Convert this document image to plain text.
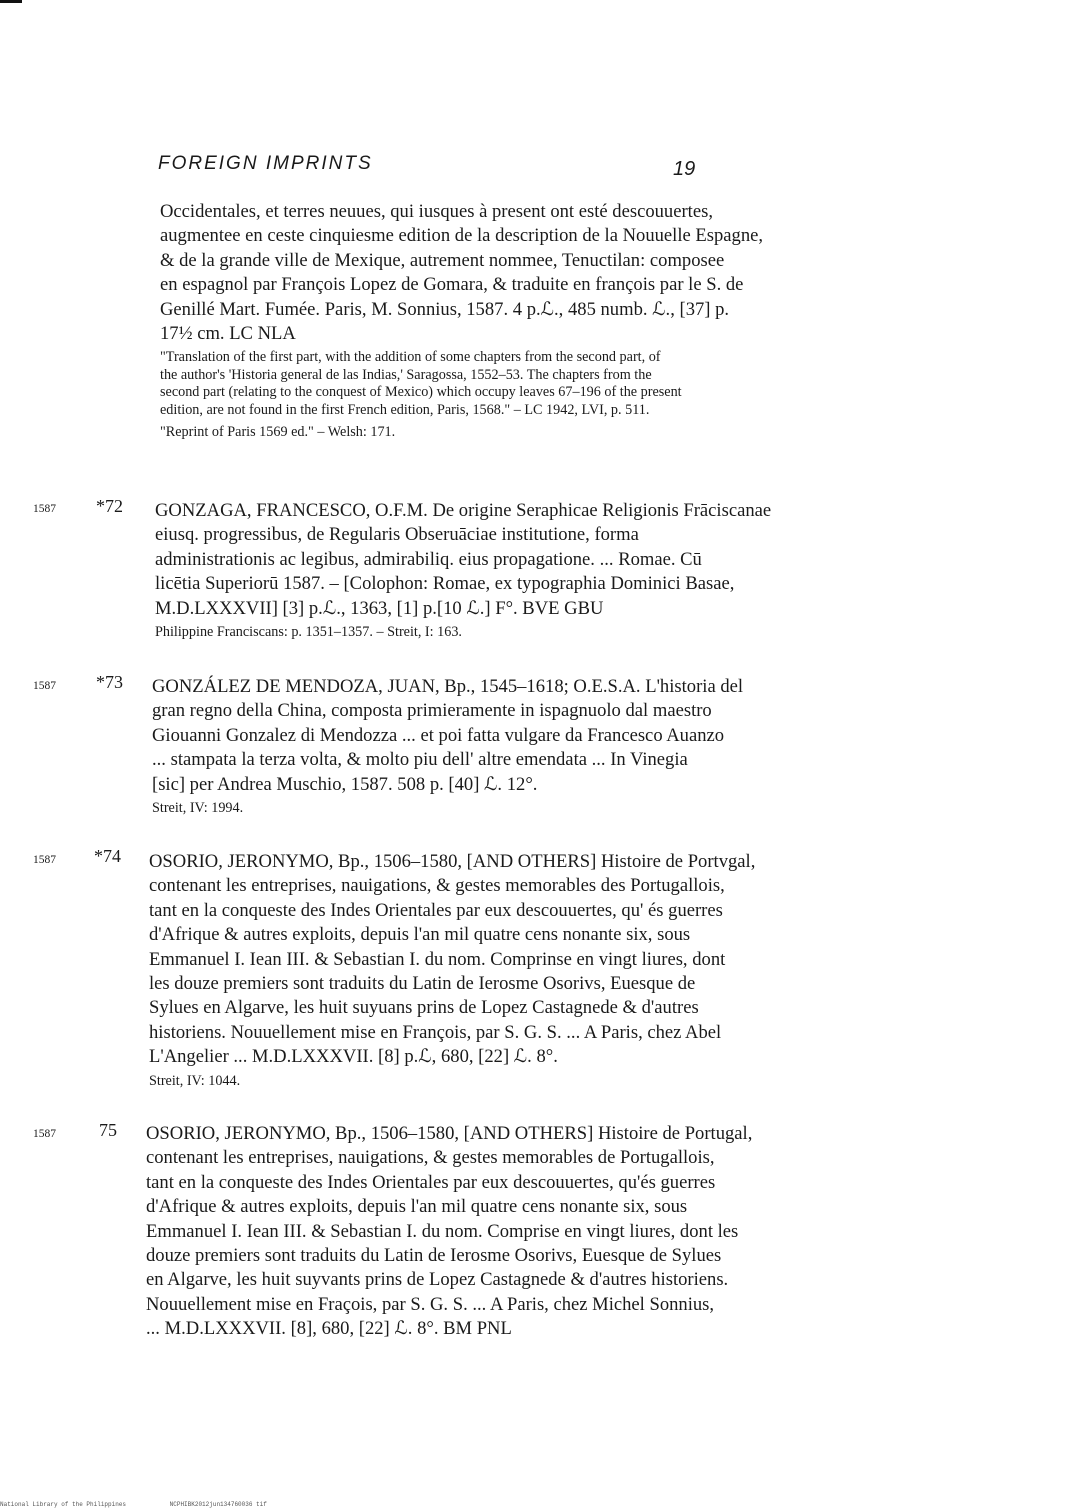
FOREIGN IMPRINTS	19
Occidentales, et terres neuues, qui iusques à present ont esté descouuertes,
augmentee en ceste cinquiesme edition de la description de la Nouuelle Espagne,
& de la grande ville de Mexique, autrement nommee, Tenuctilan: composee
en espagnol par François Lopez de Gomara, & traduite en françois par le S. de
Genillé Mart. Fumée. Paris, M. Sonnius, 1587. 4 p.ℒ., 485 numb. ℒ., [37] p.
17½ cm. LC NLA
"Translation of the first part, with the addition of some chapters from the second part, of
the author's 'Historia general de las Indias,' Saragossa, 1552–53. The chapters from the
second part (relating to the conquest of Mexico) which occupy leaves 67–196 of the present
edition, are not found in the first French edition, Paris, 1568." – LC 1942, LVI, p. 511.
"Reprint of Paris 1569 ed." – Welsh: 171.
1587 *72 GONZAGA, FRANCESCO, O.F.M. De origine Seraphicae Religionis Frāciscanae
eiusq. progressibus, de Regularis Obseruāciae institutione, forma
administrationis ac legibus, admirabiliq. eius propagatione. ... Romae. Cū
licētia Superiorū 1587. – [Colophon: Romae, ex typographia Dominici Basae,
M.D.LXXXVII] [3] p.ℒ., 1363, [1] p.[10 ℒ.] F°. BVE GBU
Philippine Franciscans: p. 1351–1357. – Streit, I: 163.
1587 *73 GONZÁLEZ DE MENDOZA, JUAN, Bp., 1545–1618; O.E.S.A. L'historia del
gran regno della China, composta primieramente in ispagnuolo dal maestro
Giouanni Gonzalez di Mendozza ... et poi fatta vulgare da Francesco Auanzo
... stampata la terza volta, & molto piu dell' altre emendata ... In Vinegia
[sic] per Andrea Muschio, 1587. 508 p. [40] ℒ. 12°.
Streit, IV: 1994.
1587 *74 OSORIO, JERONYMO, Bp., 1506–1580, [AND OTHERS] Histoire de Portvgal,
contenant les entreprises, nauigations, & gestes memorables des Portugallois,
tant en la conqueste des Indes Orientales par eux descouuertes, qu' és guerres
d'Afrique & autres exploits, depuis l'an mil quatre cens nonante six, sous
Emmanuel I. Iean III. & Sebastian I. du nom. Comprinse en vingt liures, dont
les douze premiers sont traduits du Latin de Ierosme Osorivs, Euesque de
Sylues en Algarve, les huit suyuans prins de Lopez Castagnede & d'autres
historiens. Nouuellement mise en François, par S. G. S. ... A Paris, chez Abel
L'Angelier ... M.D.LXXXVII. [8] p.ℒ, 680, [22] ℒ. 8°.
Streit, IV: 1044.
1587 75 OSORIO, JERONYMO, Bp., 1506–1580, [AND OTHERS] Histoire de Portugal,
contenant les entreprises, nauigations, & gestes memorables de Portugallois,
tant en la conqueste des Indes Orientales par eux descouuertes, qu'és guerres
d'Afrique & autres exploits, depuis l'an mil quatre cens nonante six, sous
Emmanuel I. Iean III. & Sebastian I. du nom. Comprise en vingt liures, dont les
douze premiers sont traduits du Latin de Ierosme Osorivs, Euesque de Sylues
en Algarve, les huit suyvants prins de Lopez Castagnede & d'autres historiens.
Nouuellement mise en Fraçois, par S. G. S. ... A Paris, chez Michel Sonnius,
... M.D.LXXXVII. [8], 680, [22] ℒ. 8°. BM PNL
National Library of the Philippines	NCPHIBK2012jun134760036 tif
